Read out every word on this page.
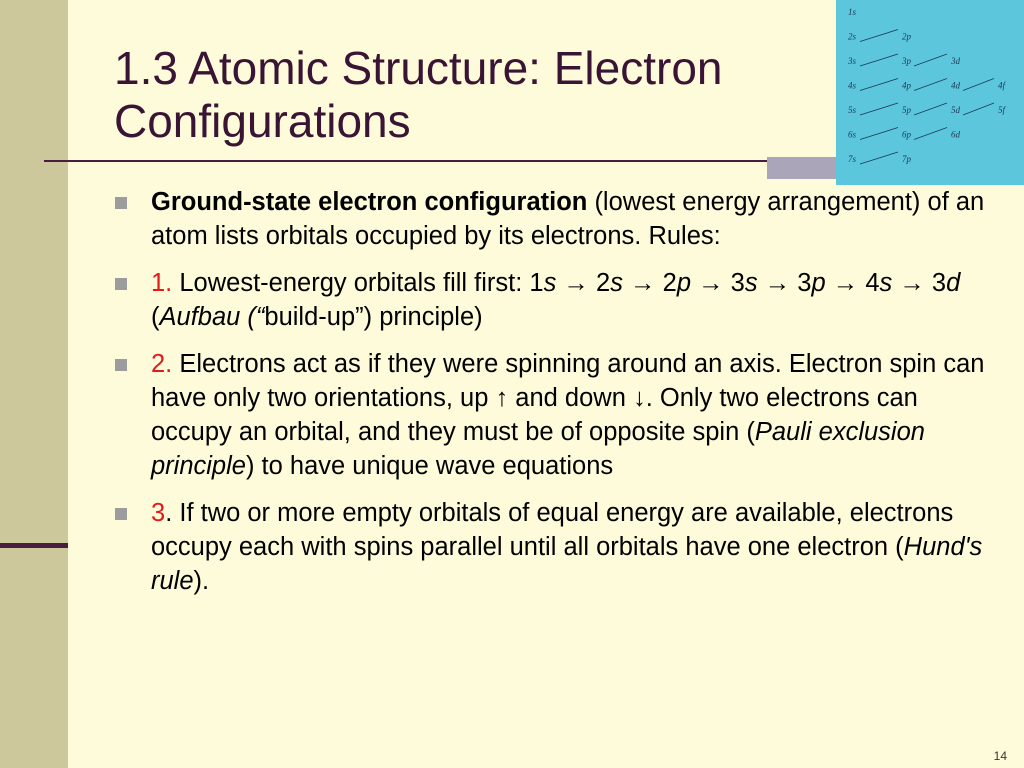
1.3 Atomic Structure: Electron
Configurations
1s
2s	2p
3s	3p	3d
4s	4p	4d	4f
5s	5p	5d	5f
6s	6p	6d
7s	7p
Ground-state electron configuration (lowest energy arrangement) of an atom lists orbitals occupied by its electrons. Rules:
1. Lowest-energy orbitals fill first: 1s → 2s → 2p → 3s → 3p → 4s → 3d (Aufbau (“build-up”) principle)
2. Electrons act as if they were spinning around an axis. Electron spin can have only two orientations, up ↑ and down ↓. Only two electrons can occupy an orbital, and they must be of opposite spin (Pauli exclusion principle) to have unique wave equations
3. If two or more empty orbitals of equal energy are available, electrons occupy each with spins parallel until all orbitals have one electron (Hund's rule).
14
